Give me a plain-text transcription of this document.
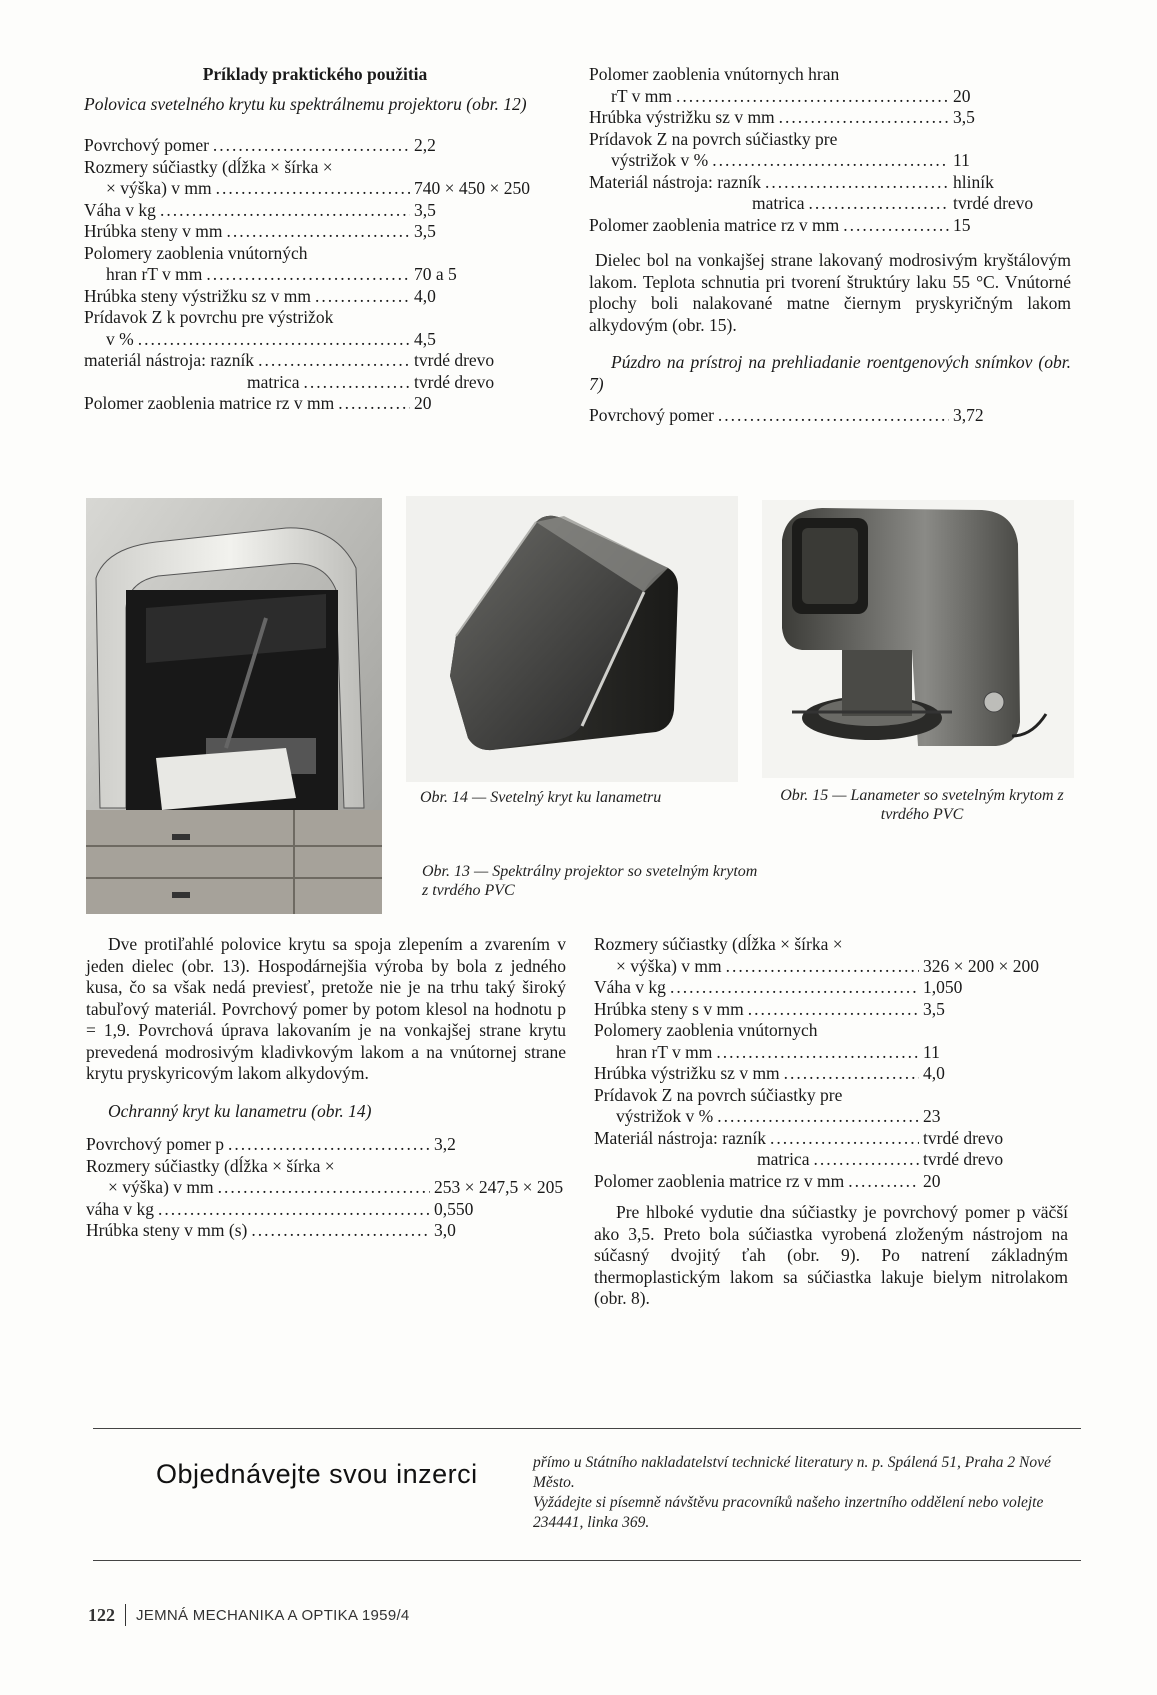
Príklady praktického použitia

Polovica svetelného krytu ku spektrálnemu projektoru (obr. 12)

Povrchový pomer .....	2,2
Rozmery súčiastky (dĺžka × šírka ×
× výška) v mm .....	740 × 450 × 250
Váha v kg .....	3,5
Hrúbka steny v mm .....	3,5
Polomery zaoblenia vnútorných
hran rT v mm .....	70 a 5
Hrúbka steny výstrižku sz v mm .....	4,0
Prídavok Z k povrchu pre výstrižok
v % .....	4,5
materiál nástroja: razník .....	tvrdé drevo
matrica .....	tvrdé drevo
Polomer zaoblenia matrice rz v mm .....	20
Polomer zaoblenia vnútornych hran
rT v mm .....	20
Hrúbka výstrižku sz v mm .....	3,5
Prídavok Z na povrch súčiastky pre
výstrižok v % .....	11
Materiál nástroja: razník .....	hliník
matrica .....	tvrdé drevo
Polomer zaoblenia matrice rz v mm .....	15

Dielec bol na vonkajšej strane lakovaný modrosivým kryštálovým lakom. Teplota schnutia pri tvorení štruktúry laku 55 °C. Vnútorné plochy boli nalakované matne čiernym pryskyričným lakom alkydovým (obr. 15).

Púzdro na prístroj na prehliadanie roentgenových snímkov (obr. 7)

Povrchový pomer .....	3,72
Obr. 14 — Svetelný kryt ku lanametru	Obr. 15 — Lanameter so svetelným krytom z tvrdého PVC
Obr. 13 — Spektrálny projektor so svetelným krytom z tvrdého PVC

Dve protiľahlé polovice krytu sa spoja zlepením a zvarením v jeden dielec (obr. 13). Hospodárnejšia výroba by bola z jedného kusa, čo sa však nedá previesť, pretože nie je na trhu taký široký tabuľový materiál. Povrchový pomer by potom klesol na hodnotu p = 1,9. Povrchová úprava lakovaním je na vonkajšej strane krytu prevedená modrosivým kladivkovým lakom a na vnútornej strane krytu pryskyricovým lakom alkydovým.

Ochranný kryt ku lanametru (obr. 14)

Povrchový pomer p .....	3,2
Rozmery súčiastky (dĺžka × šírka ×
× výška) v mm .....	253 × 247,5 × 205
váha v kg .....	0,550
Hrúbka steny v mm (s) .....	3,0
Rozmery súčiastky (dĺžka × šírka ×
× výška) v mm .....	326 × 200 × 200
Váha v kg .....	1,050
Hrúbka steny s v mm .....	3,5
Polomery zaoblenia vnútornych
hran rT v mm .....	11
Hrúbka výstrižku sz v mm .....	4,0
Prídavok Z na povrch súčiastky pre
výstrižok v % .....	23
Materiál nástroja: razník .....	tvrdé drevo
matrica .....	tvrdé drevo
Polomer zaoblenia matrice rz v mm .....	20

Pre hlboké vydutie dna súčiastky je povrchový pomer p väčší ako 3,5. Preto bola súčiastka vyrobená zloženým nástrojom na súčasný dvojitý ťah (obr. 9). Po natrení základným thermoplastickým lakom sa súčiastka lakuje bielym nitrolakom (obr. 8).

Objednávejte svou inzerci	přímo u Státního nakladatelství technické literatury n. p. Spálená 51, Praha 2 Nové Město.
Vyžádejte si písemně návštěvu pracovníků našeho inzertního oddělení nebo volejte 234441, linka 369.
122 JEMNÁ MECHANIKA A OPTIKA 1959/4
